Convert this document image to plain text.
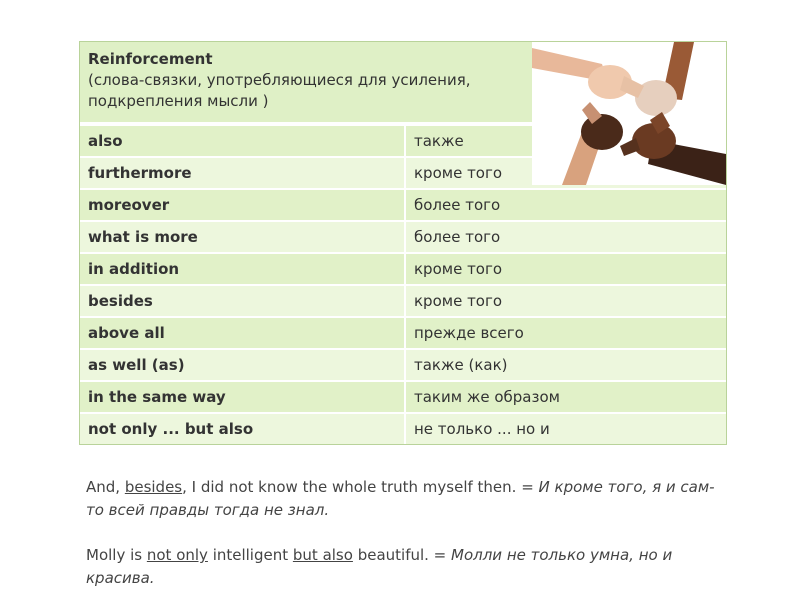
Reinforcement
(слова-связки, употребляющиеся для усиления, подкрепления мысли )
also	также
furthermore	кроме того
moreover	более того
what is more	более того
in addition	кроме того
besides	кроме того
above all	прежде всего
as well (as)	также (как)
in the same way	таким же образом
not only ... but also	не только ... но и

And, besides, I did not know the whole truth myself then. = И кроме того, я и сам-то всей правды тогда не знал.

Molly is not only intelligent but also beautiful. = Молли не только умна, но и красива.
